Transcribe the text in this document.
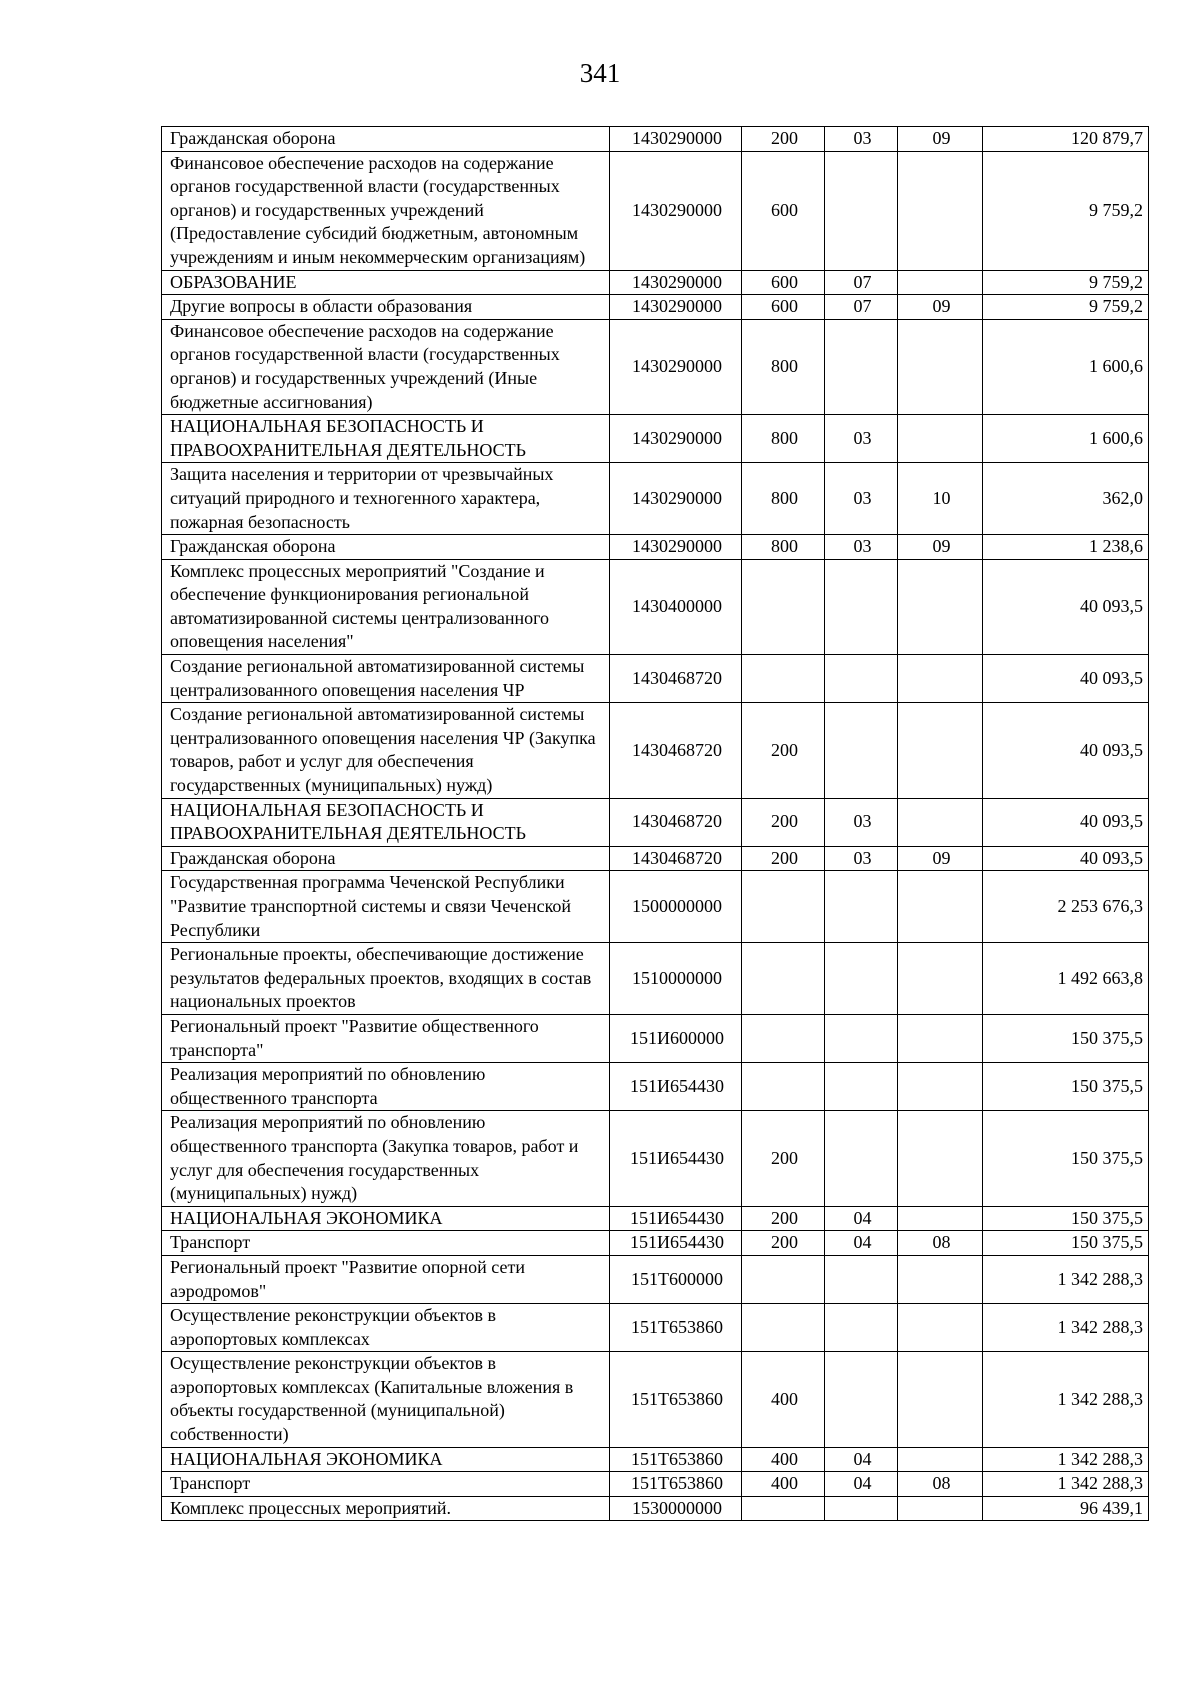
341
Гражданская оборона	1430290000	200	03	09	120 879,7
Финансовое обеспечение расходов на содержание органов государственной власти (государственных органов) и государственных учреждений (Предоставление субсидий бюджетным, автономным учреждениям и иным некоммерческим организациям)	1430290000	600			9 759,2
ОБРАЗОВАНИЕ	1430290000	600	07		9 759,2
Другие вопросы в области образования	1430290000	600	07	09	9 759,2
Финансовое обеспечение расходов на содержание органов государственной власти (государственных органов) и государственных учреждений (Иные бюджетные ассигнования)	1430290000	800			1 600,6
НАЦИОНАЛЬНАЯ БЕЗОПАСНОСТЬ И ПРАВООХРАНИТЕЛЬНАЯ ДЕЯТЕЛЬНОСТЬ	1430290000	800	03		1 600,6
Защита населения и территории от чрезвычайных ситуаций природного и техногенного характера, пожарная безопасность	1430290000	800	03	10	362,0
Гражданская оборона	1430290000	800	03	09	1 238,6
Комплекс процессных мероприятий "Создание и обеспечение функционирования региональной автоматизированной системы централизованного оповещения населения"	1430400000				40 093,5
Создание региональной автоматизированной системы централизованного оповещения населения ЧР	1430468720				40 093,5
Создание региональной автоматизированной системы централизованного оповещения населения ЧР (Закупка товаров, работ и услуг для обеспечения государственных (муниципальных) нужд)	1430468720	200			40 093,5
НАЦИОНАЛЬНАЯ БЕЗОПАСНОСТЬ И ПРАВООХРАНИТЕЛЬНАЯ ДЕЯТЕЛЬНОСТЬ	1430468720	200	03		40 093,5
Гражданская оборона	1430468720	200	03	09	40 093,5
Государственная программа Чеченской Республики "Развитие транспортной системы и связи Чеченской Республики	1500000000				2 253 676,3
Региональные проекты, обеспечивающие достижение результатов федеральных проектов, входящих в состав национальных проектов	1510000000				1 492 663,8
Региональный проект "Развитие общественного транспорта"	151И600000				150 375,5
Реализация мероприятий по обновлению общественного транспорта	151И654430				150 375,5
Реализация мероприятий по обновлению общественного транспорта (Закупка товаров, работ и услуг для обеспечения государственных (муниципальных) нужд)	151И654430	200			150 375,5
НАЦИОНАЛЬНАЯ ЭКОНОМИКА	151И654430	200	04		150 375,5
Транспорт	151И654430	200	04	08	150 375,5
Региональный проект "Развитие опорной сети аэродромов"	151Т600000				1 342 288,3
Осуществление реконструкции объектов в аэропортовых комплексах	151Т653860				1 342 288,3
Осуществление реконструкции объектов в аэропортовых комплексах (Капитальные вложения в объекты государственной (муниципальной) собственности)	151Т653860	400			1 342 288,3
НАЦИОНАЛЬНАЯ ЭКОНОМИКА	151Т653860	400	04		1 342 288,3
Транспорт	151Т653860	400	04	08	1 342 288,3
Комплекс процессных мероприятий.	1530000000				96 439,1
